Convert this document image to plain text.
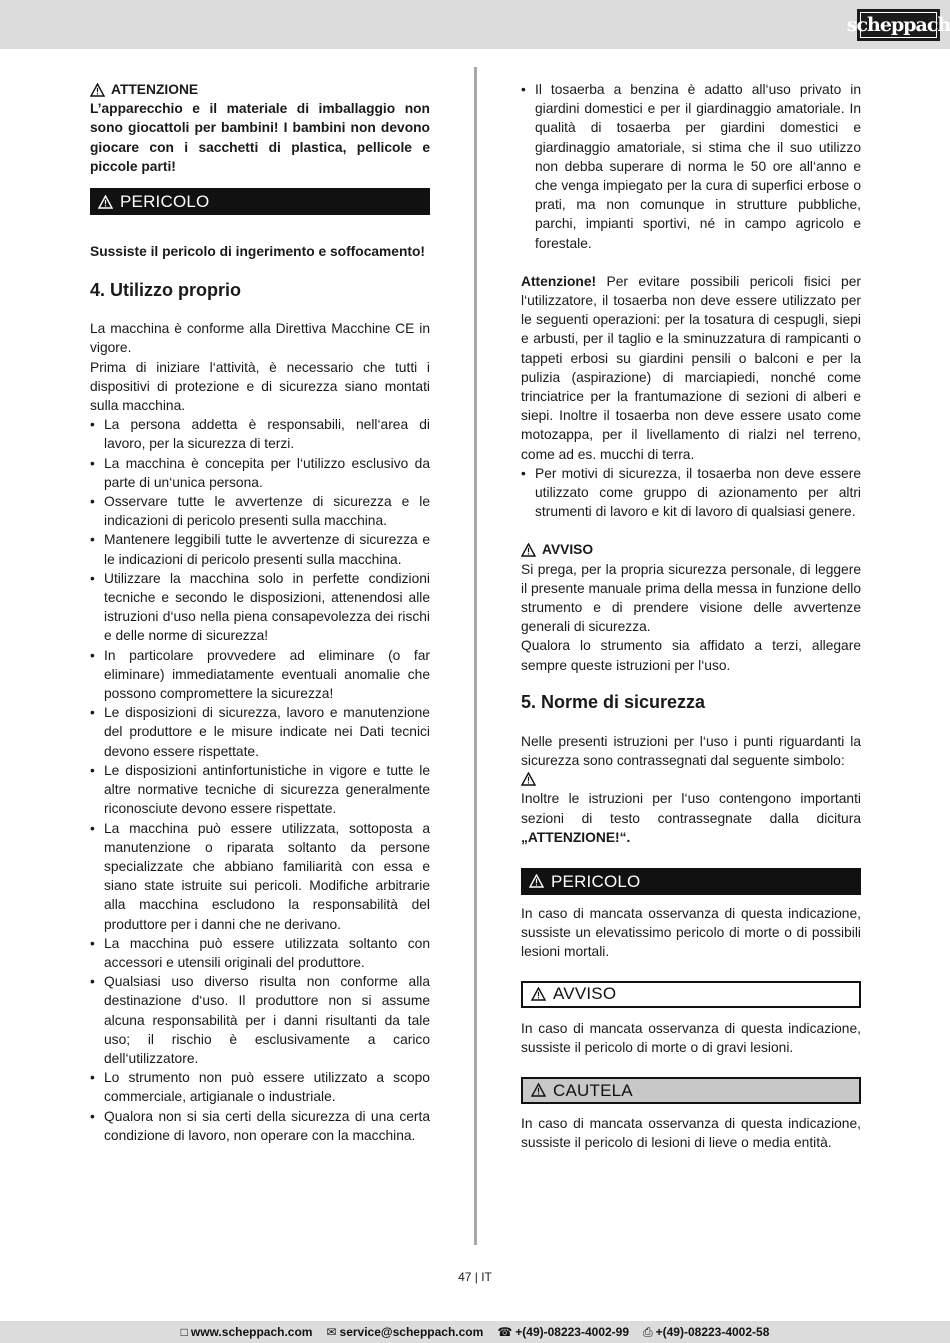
scheppach
ATTENZIONE

L’apparecchio e il materiale di imballaggio non sono giocattoli per bambini! I bambini non devono giocare con i sacchetti di plastica, pellicole e piccole parti!

PERICOLO

Sussiste il pericolo di ingerimento e soffocamento!

4. Utilizzo proprio

La macchina è conforme alla Direttiva Macchine CE in vigore.

Prima di iniziare l‘attività, è necessario che tutti i dispositivi di protezione e di sicurezza siano montati sulla macchina.

• La persona addetta è responsabili, nell‘area di lavoro, per la sicurezza di terzi.
• La macchina è concepita per l‘utilizzo esclusivo da parte di un‘unica persona.
• Osservare tutte le avvertenze di sicurezza e le indicazioni di pericolo presenti sulla macchina.
• Mantenere leggibili tutte le avvertenze di sicurezza e le indicazioni di pericolo presenti sulla macchina.
• Utilizzare la macchina solo in perfette condizioni tecniche e secondo le disposizioni, attenendosi alle istruzioni d‘uso nella piena consapevolezza dei rischi e delle norme di sicurezza!
• In particolare provvedere ad eliminare (o far eliminare) immediatamente eventuali anomalie che possono compromettere la sicurezza!
• Le disposizioni di sicurezza, lavoro e manutenzione del produttore e le misure indicate nei Dati tecnici devono essere rispettate.
• Le disposizioni antinfortunistiche in vigore e tutte le altre normative tecniche di sicurezza generalmente riconosciute devono essere rispettate.
• La macchina può essere utilizzata, sottoposta a manutenzione o riparata soltanto da persone specializzate che abbiano familiarità con essa e siano state istruite sui pericoli. Modifiche arbitrarie alla macchina escludono la responsabilità del produttore per i danni che ne derivano.
• La macchina può essere utilizzata soltanto con accessori e utensili originali del produttore.
• Qualsiasi uso diverso risulta non conforme alla destinazione d‘uso. Il produttore non si assume alcuna responsabilità per i danni risultanti da tale uso; il rischio è esclusivamente a carico dell‘utilizzatore.
• Lo strumento non può essere utilizzato a scopo commerciale, artigianale o industriale.
• Qualora non si sia certi della sicurezza di una certa condizione di lavoro, non operare con la macchina.
• Il tosaerba a benzina è adatto all‘uso privato in giardini domestici e per il giardinaggio amatoriale. In qualità di tosaerba per giardini domestici e giardinaggio amatoriale, si stima che il suo utilizzo non debba superare di norma le 50 ore all‘anno e che venga impiegato per la cura di superfici erbose o prati, ma non comunque in strutture pubbliche, parchi, impianti sportivi, né in campo agricolo e forestale.

Attenzione! Per evitare possibili pericoli fisici per l‘utilizzatore, il tosaerba non deve essere utilizzato per le seguenti operazioni: per la tosatura di cespugli, siepi e arbusti, per il taglio e la sminuzzatura di rampicanti o tappeti erbosi su giardini pensili o balconi e per la pulizia (aspirazione) di marciapiedi, nonché come trinciatrice per la frantumazione di sezioni di alberi e siepi. Inoltre il tosaerba non deve essere usato come motozappa, per il livellamento di rialzi nel terreno, come ad es. mucchi di terra.

• Per motivi di sicurezza, il tosaerba non deve essere utilizzato come gruppo di azionamento per altri strumenti di lavoro e kit di lavoro di qualsiasi genere.
AVVISO

Si prega, per la propria sicurezza personale, di leggere il presente manuale prima della messa in funzione dello strumento e di prendere visione delle avvertenze generali di sicurezza.

Qualora lo strumento sia affidato a terzi, allegare sempre queste istruzioni per l‘uso.

5. Norme di sicurezza

Nelle presenti istruzioni per l‘uso i punti riguardanti la sicurezza sono contrassegnati dal seguente simbolo:

Inoltre le istruzioni per l‘uso contengono importanti sezioni di testo contrassegnate dalla dicitura „ATTENZIONE!“.

PERICOLO

In caso di mancata osservanza di questa indicazione, sussiste un elevatissimo pericolo di morte o di possibili lesioni mortali.

AVVISO

In caso di mancata osservanza di questa indicazione, sussiste il pericolo di morte o di gravi lesioni.

CAUTELA

In caso di mancata osservanza di questa indicazione, sussiste il pericolo di lesioni di lieve o media entità.

47 | IT
□ www.scheppach.com ✉ service@scheppach.com ☎ +(49)-08223-4002-99 ⎙ +(49)-08223-4002-58
